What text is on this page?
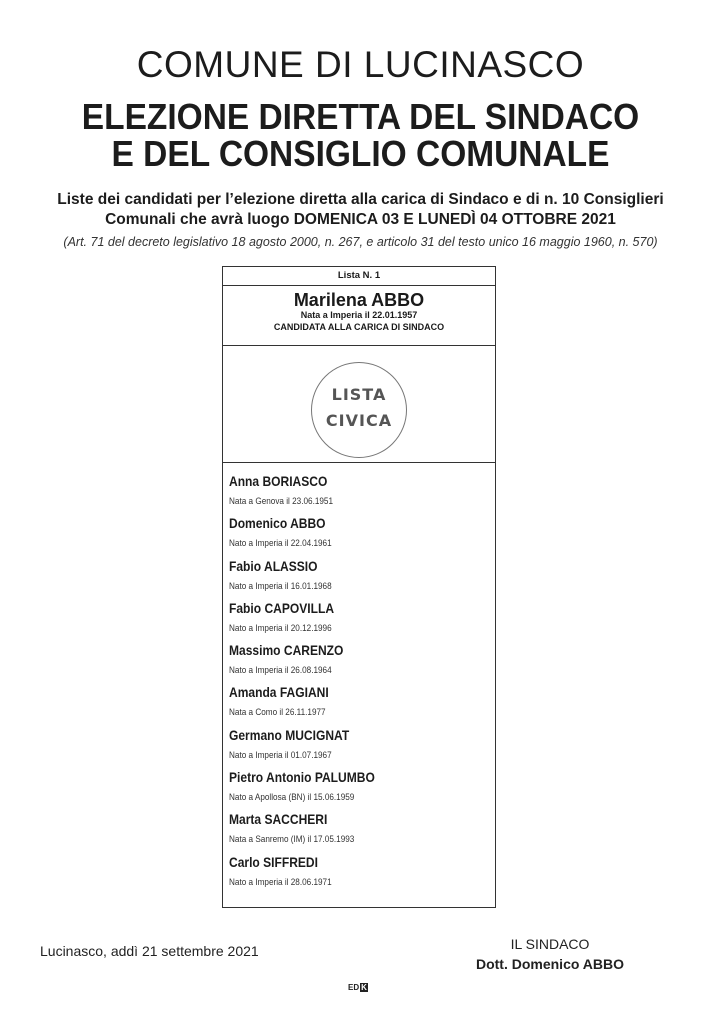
COMUNE DI LUCINASCO
ELEZIONE DIRETTA DEL SINDACO
E DEL CONSIGLIO COMUNALE
Liste dei candidati per l’elezione diretta alla carica di Sindaco e di n. 10 Consiglieri
Comunali che avrà luogo DOMENICA 03 E LUNEDÌ 04 OTTOBRE 2021
(Art. 71 del decreto legislativo 18 agosto 2000, n. 267, e articolo 31 del testo unico 16 maggio 1960, n. 570)
Lista N. 1
Marilena ABBO
Nata a Imperia il 22.01.1957
CANDIDATA ALLA CARICA DI SINDACO
LISTA
CIVICA
Anna BORIASCO
Nata a Genova il 23.06.1951
Domenico ABBO
Nato a Imperia il 22.04.1961
Fabio ALASSIO
Nato a Imperia il 16.01.1968
Fabio CAPOVILLA
Nato a Imperia il 20.12.1996
Massimo CARENZO
Nato a Imperia il 26.08.1964
Amanda FAGIANI
Nata a Como il 26.11.1977
Germano MUCIGNAT
Nato a Imperia il 01.07.1967
Pietro Antonio PALUMBO
Nato a Apollosa (BN) il 15.06.1959
Marta SACCHERI
Nata a Sanremo (IM) il 17.05.1993
Carlo SIFFREDI
Nato a Imperia il 28.06.1971
Lucinasco, addì 21 settembre 2021	IL SINDACO
Dott. Domenico ABBO
ED K
